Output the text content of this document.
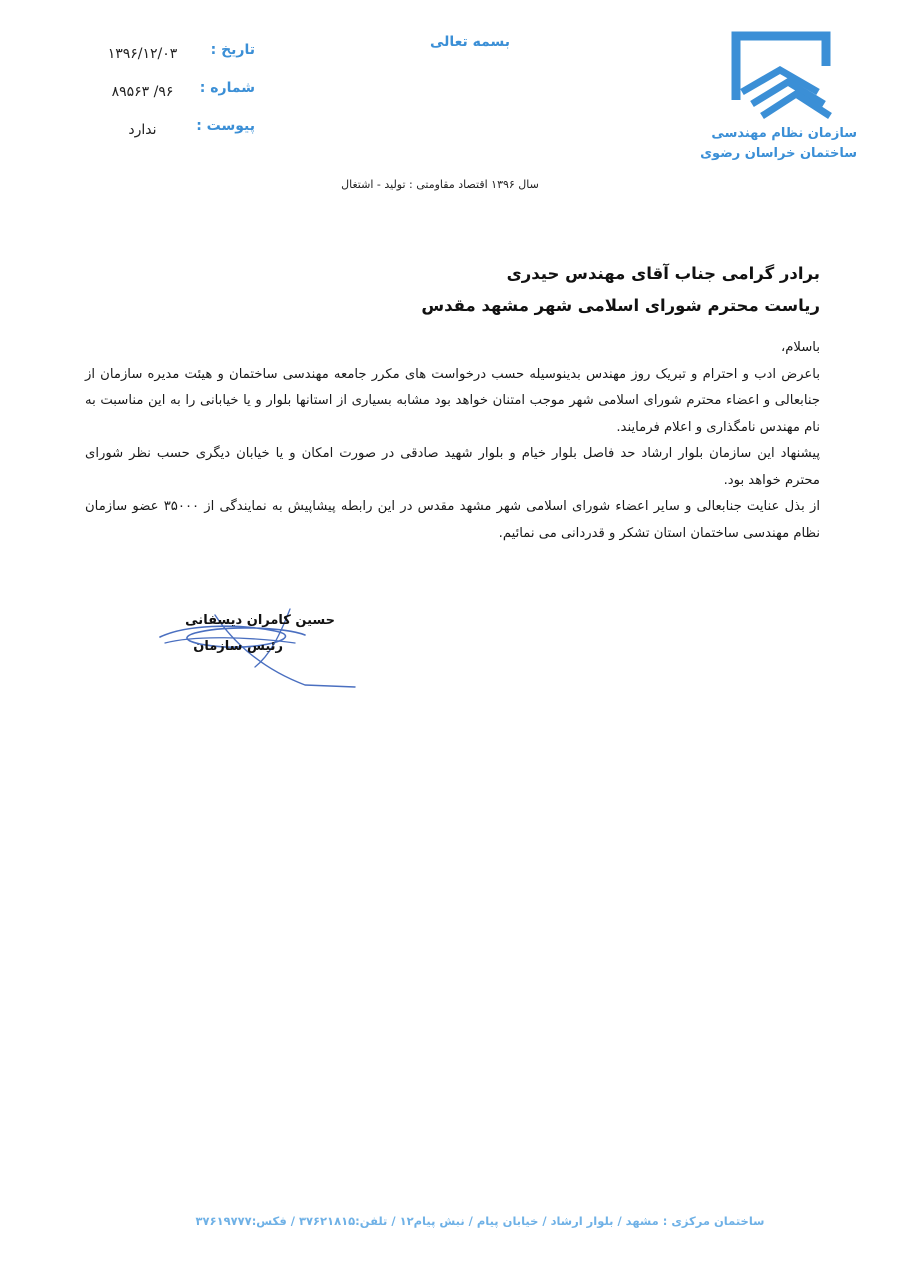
سازمان نظام مهندسی
ساختمان خراسان رضوی
بسمه تعالی
تاریخ :
۱۳۹۶/۱۲/۰۳
شماره :
۹۶/ ۸۹۵۶۳
پیوست :
ندارد
سال ۱۳۹۶ اقتصاد مقاومتی : تولید - اشتغال
برادر گرامی جناب آقای مهندس حیدری
ریاست محترم شورای اسلامی شهر مشهد مقدس

باسلام،

باعرض ادب و احترام و تبریک روز مهندس بدینوسیله حسب درخواست های مکرر جامعه مهندسی ساختمان و هیئت مدیره سازمان از جنابعالی و اعضاء محترم شورای اسلامی شهر موجب امتنان خواهد بود مشابه بسیاری از استانها بلوار و یا خیابانی را به این مناسبت به نام مهندس نامگذاری و اعلام فرمایند.

پیشنهاد این سازمان بلوار ارشاد حد فاصل بلوار خیام و بلوار شهید صادقی در صورت امکان و یا خیابان دیگری حسب نظر شورای محترم خواهد بود.

از بذل عنایت جنابعالی و سایر اعضاء شورای اسلامی شهر مشهد مقدس در این رابطه پیشاپیش به نمایندگی از ۳۵۰۰۰ عضو سازمان نظام مهندسی ساختمان استان تشکر و قدردانی می نمائیم.

حسین کامران دیسفانی
رئیس سازمان
ساختمان مرکزی : مشهد / بلوار ارشاد / خیابان پیام / نبش پیام۱۲ / تلفن:۳۷۶۲۱۸۱۵ / فکس:۳۷۶۱۹۷۷۷
